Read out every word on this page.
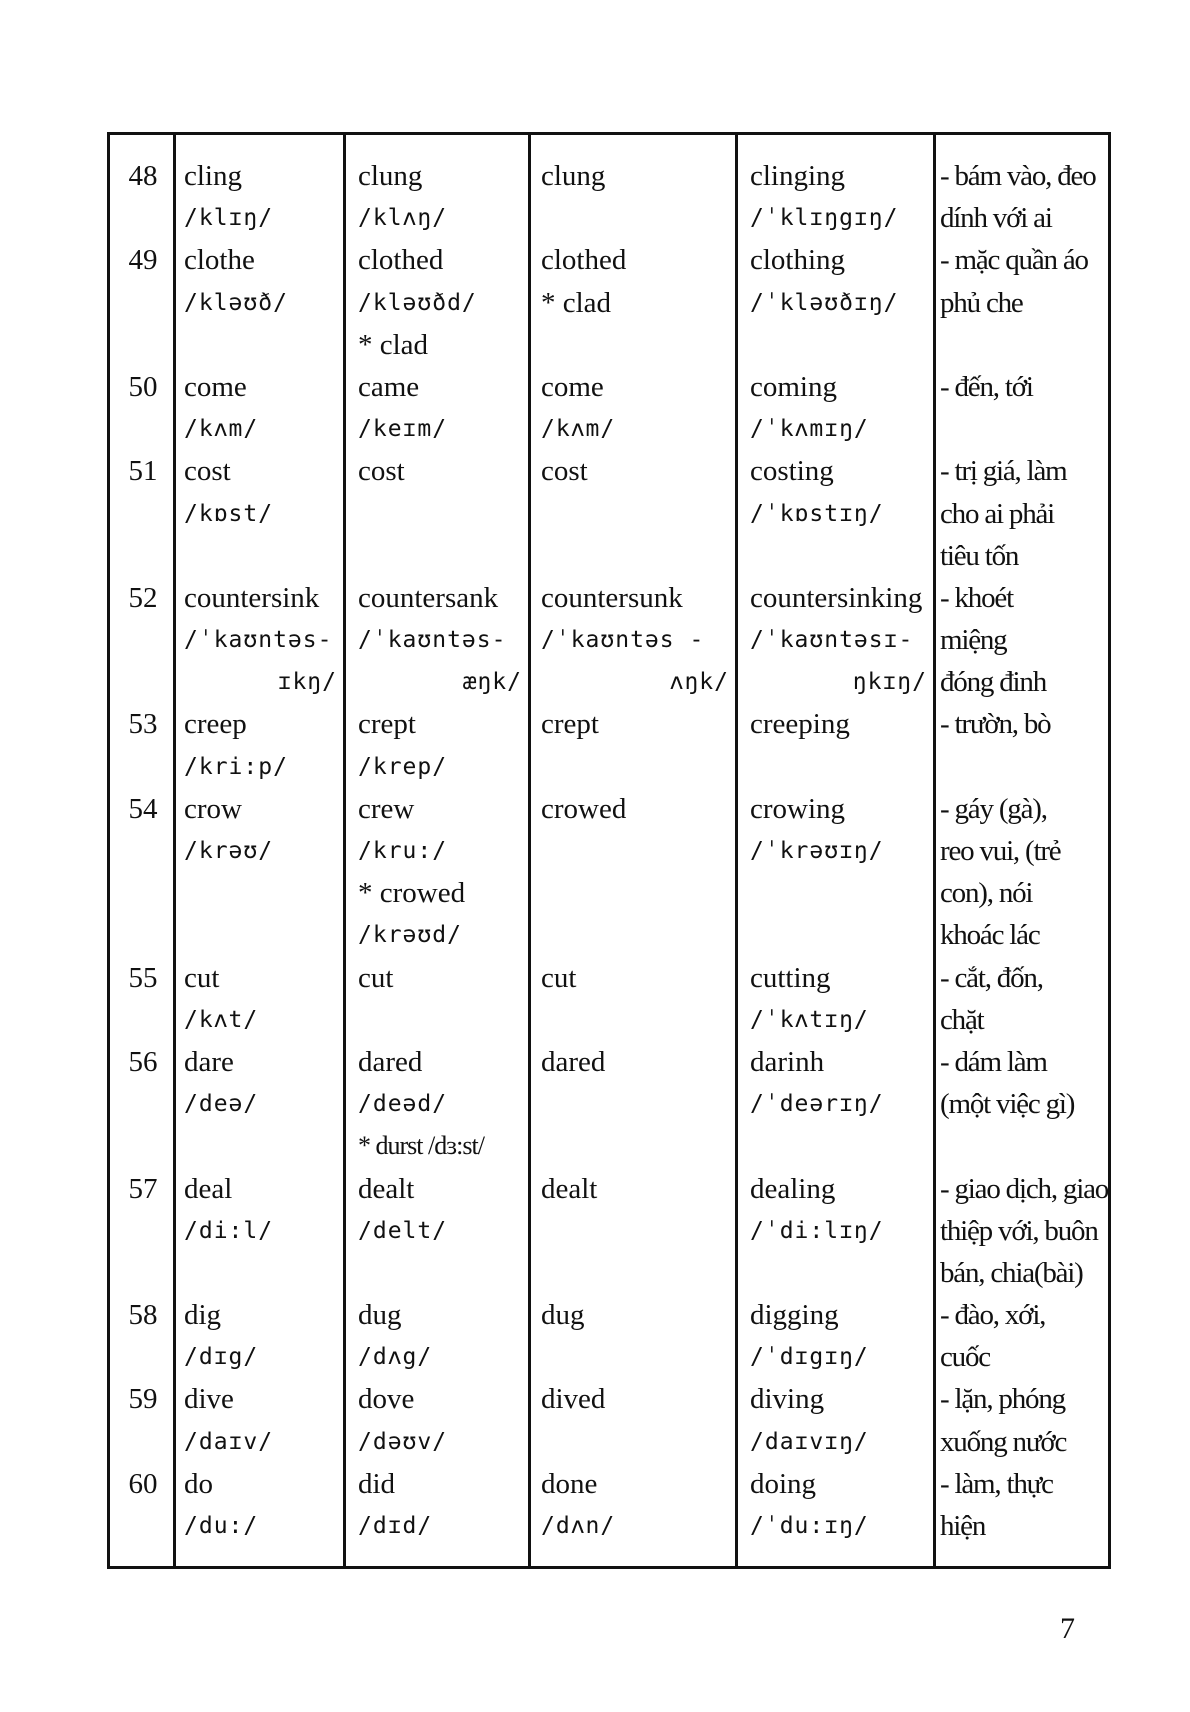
48
49
50
51
52
53
54
55
56
57
58
59
60
cling
/klɪŋ/
clothe
/kləʊð/
come
/kʌm/
cost
/kɒst/
countersink
/ˈkaʊntəs-
ɪkŋ/
creep
/kri:p/
crow
/krəʊ/
cut
/kʌt/
dare
/deə/
deal
/di:l/
dig
/dɪg/
dive
/daɪv/
do
/du:/
clung
/klʌŋ/
clothed
/kləʊðd/
* clad
came
/keɪm/
cost
countersank
/ˈkaʊntəs-
æŋk/
crept
/krep/
crew
/kru:/
* crowed
/krəʊd/
cut
dared
/deəd/
* durst /dɜ:st/
dealt
/delt/
dug
/dʌg/
dove
/dəʊv/
did
/dɪd/
clung
clothed
* clad
come
/kʌm/
cost
countersunk
/ˈkaʊntəs -
ʌŋk/
crept
crowed
cut
dared
dealt
dug
dived
done
/dʌn/
clinging
/ˈklɪŋgɪŋ/
clothing
/ˈkləʊðɪŋ/
coming
/ˈkʌmɪŋ/
costing
/ˈkɒstɪŋ/
countersinking
/ˈkaʊntəsɪ-
ŋkɪŋ/
creeping
crowing
/ˈkrəʊɪŋ/
cutting
/ˈkʌtɪŋ/
darinh
/ˈdeərɪŋ/
dealing
/ˈdi:lɪŋ/
digging
/ˈdɪgɪŋ/
diving
/daɪvɪŋ/
doing
/ˈdu:ɪŋ/
- bám vào, đeo
dính với ai
- mặc quần áo
phủ che
- đến, tới
- trị giá, làm
cho ai phải
tiêu tốn
- khoét
miệng
đóng đinh
- trườn, bò
- gáy (gà),
reo vui, (trẻ
con), nói
khoác lác
- cắt, đốn,
chặt
- dám làm
(một việc gì)
- giao dịch, giao
thiệp với, buôn
bán, chia(bài)
- đào, xới,
cuốc
- lặn, phóng
xuống nước
- làm, thực
hiện
7
